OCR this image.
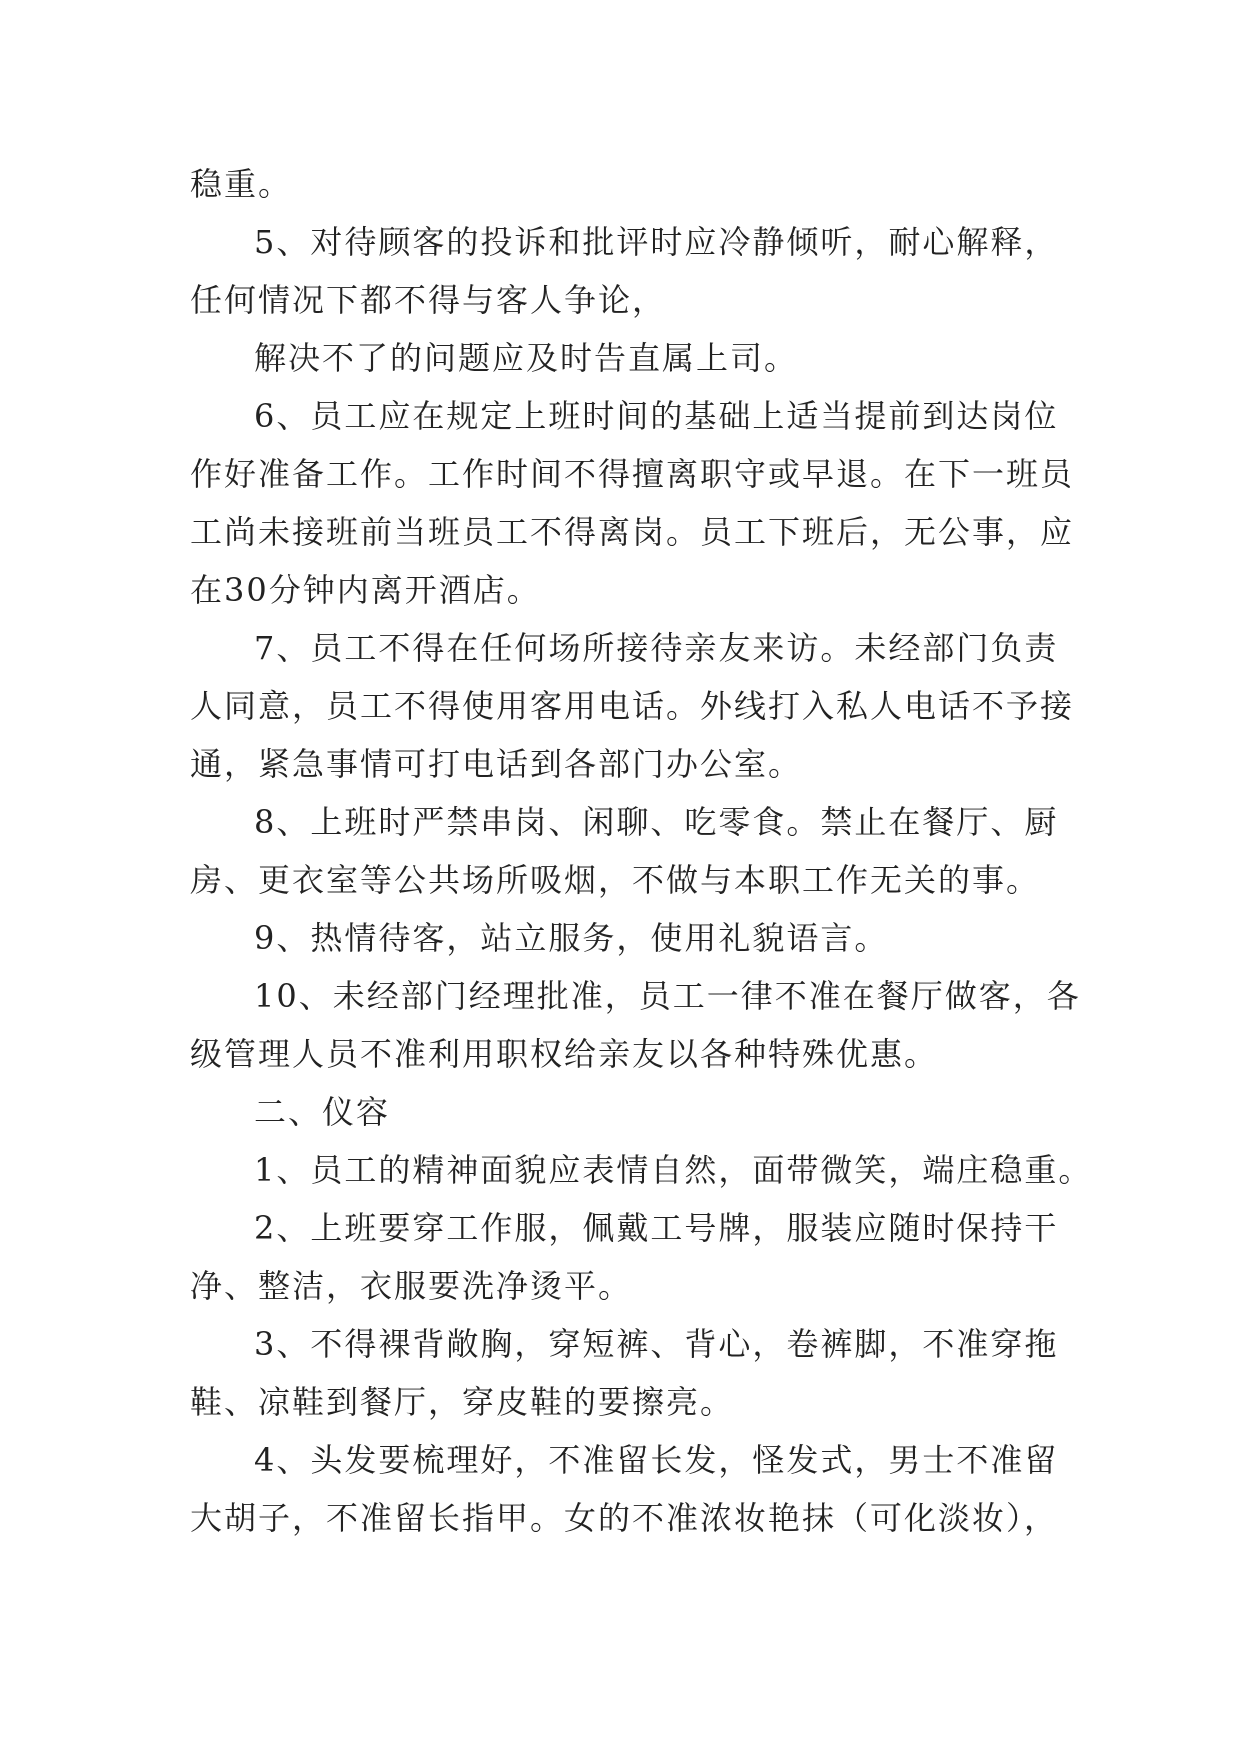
稳重。
5、对待顾客的投诉和批评时应冷静倾听，耐心解释，
任何情况下都不得与客人争论，
解决不了的问题应及时告直属上司。
6、员工应在规定上班时间的基础上适当提前到达岗位
作好准备工作。工作时间不得擅离职守或早退。在下一班员
工尚未接班前当班员工不得离岗。员工下班后，无公事，应
在30分钟内离开酒店。
7、员工不得在任何场所接待亲友来访。未经部门负责
人同意，员工不得使用客用电话。外线打入私人电话不予接
通，紧急事情可打电话到各部门办公室。
8、上班时严禁串岗、闲聊、吃零食。禁止在餐厅、厨
房、更衣室等公共场所吸烟，不做与本职工作无关的事。
9、热情待客，站立服务，使用礼貌语言。
10、未经部门经理批准，员工一律不准在餐厅做客，各
级管理人员不准利用职权给亲友以各种特殊优惠。
二、仪容
1、员工的精神面貌应表情自然，面带微笑，端庄稳重。
2、上班要穿工作服，佩戴工号牌，服装应随时保持干
净、整洁，衣服要洗净烫平。
3、不得裸背敞胸，穿短裤、背心，卷裤脚，不准穿拖
鞋、凉鞋到餐厅，穿皮鞋的要擦亮。
4、头发要梳理好，不准留长发，怪发式，男士不准留
大胡子，不准留长指甲。女的不准浓妆艳抹（可化淡妆），
